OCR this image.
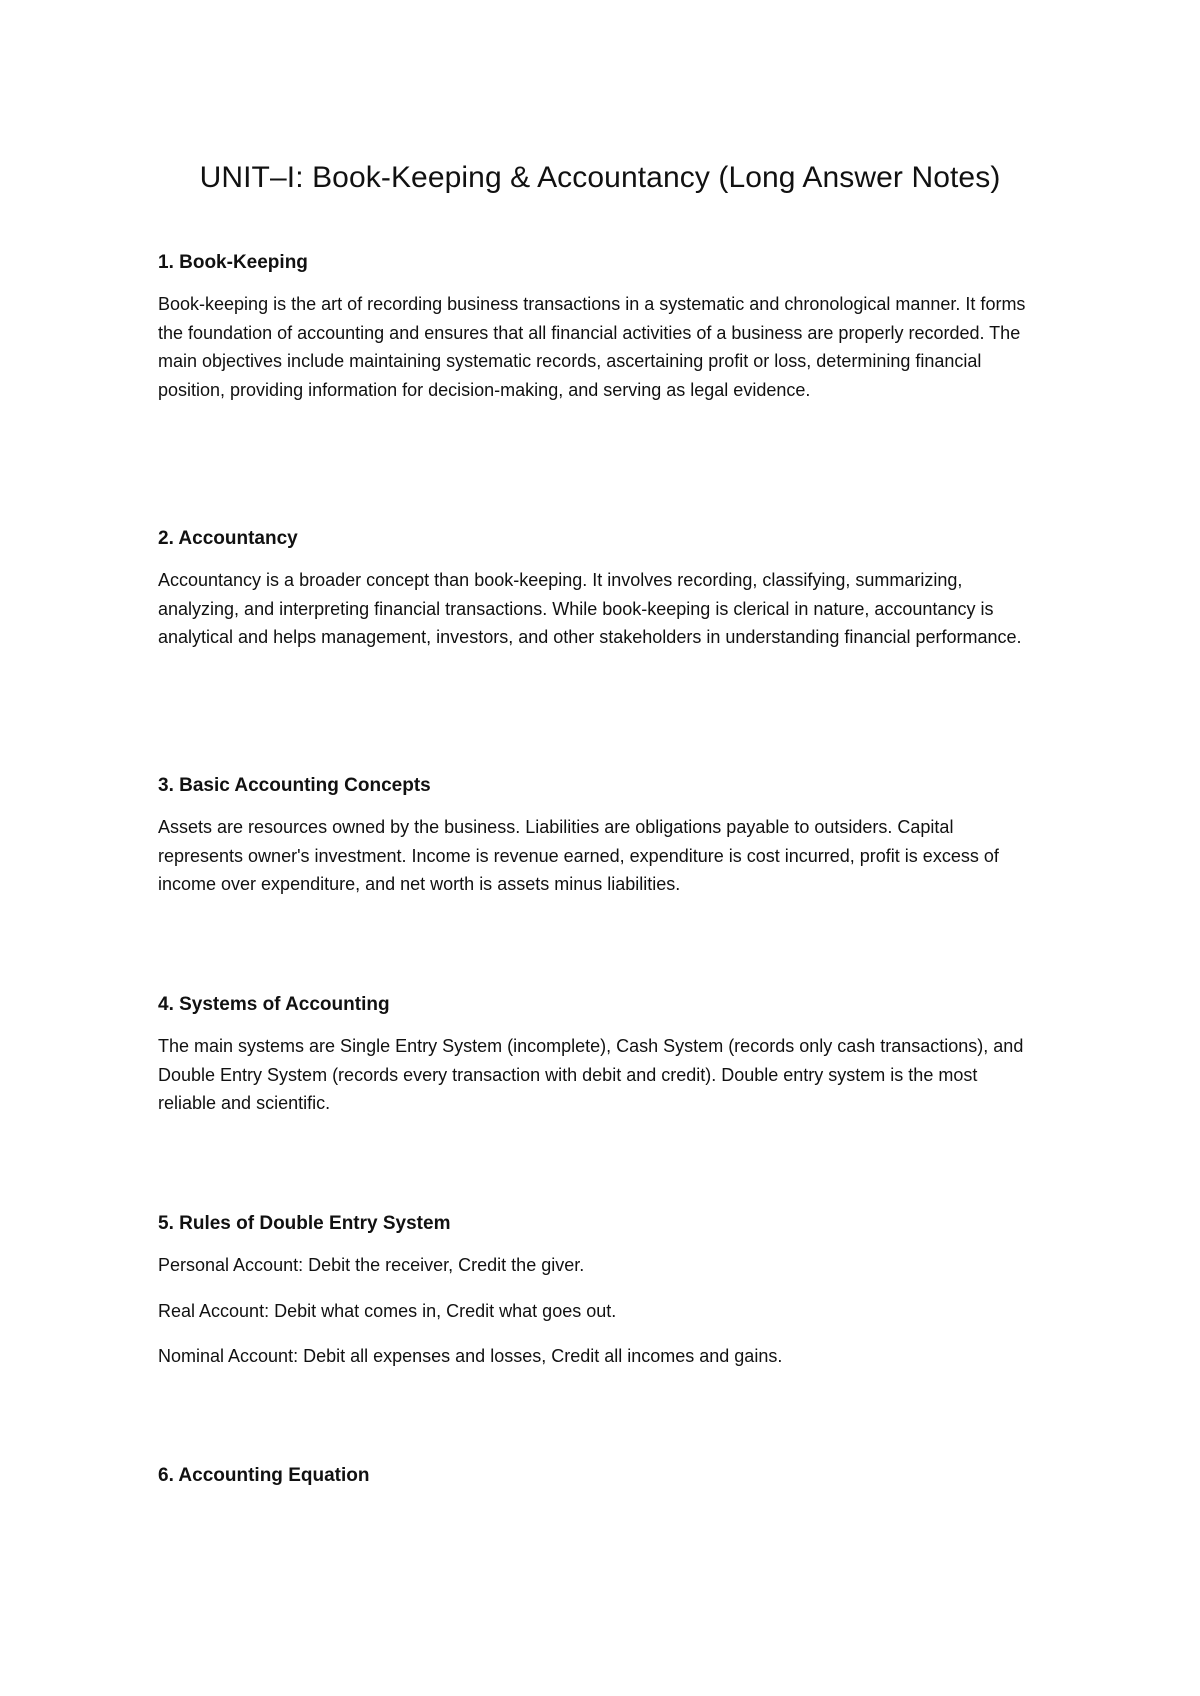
UNIT–I: Book-Keeping & Accountancy (Long Answer Notes)
1. Book-Keeping

Book-keeping is the art of recording business transactions in a systematic and chronological manner. It forms the foundation of accounting and ensures that all financial activities of a business are properly recorded. The main objectives include maintaining systematic records, ascertaining profit or loss, determining financial position, providing information for decision-making, and serving as legal evidence.

2. Accountancy

Accountancy is a broader concept than book-keeping. It involves recording, classifying, summarizing, analyzing, and interpreting financial transactions. While book-keeping is clerical in nature, accountancy is analytical and helps management, investors, and other stakeholders in understanding financial performance.

3. Basic Accounting Concepts

Assets are resources owned by the business. Liabilities are obligations payable to outsiders. Capital represents owner's investment. Income is revenue earned, expenditure is cost incurred, profit is excess of income over expenditure, and net worth is assets minus liabilities.

4. Systems of Accounting

The main systems are Single Entry System (incomplete), Cash System (records only cash transactions), and Double Entry System (records every transaction with debit and credit). Double entry system is the most reliable and scientific.

5. Rules of Double Entry System

Personal Account: Debit the receiver, Credit the giver.

Real Account: Debit what comes in, Credit what goes out.

Nominal Account: Debit all expenses and losses, Credit all incomes and gains.

6. Accounting Equation
